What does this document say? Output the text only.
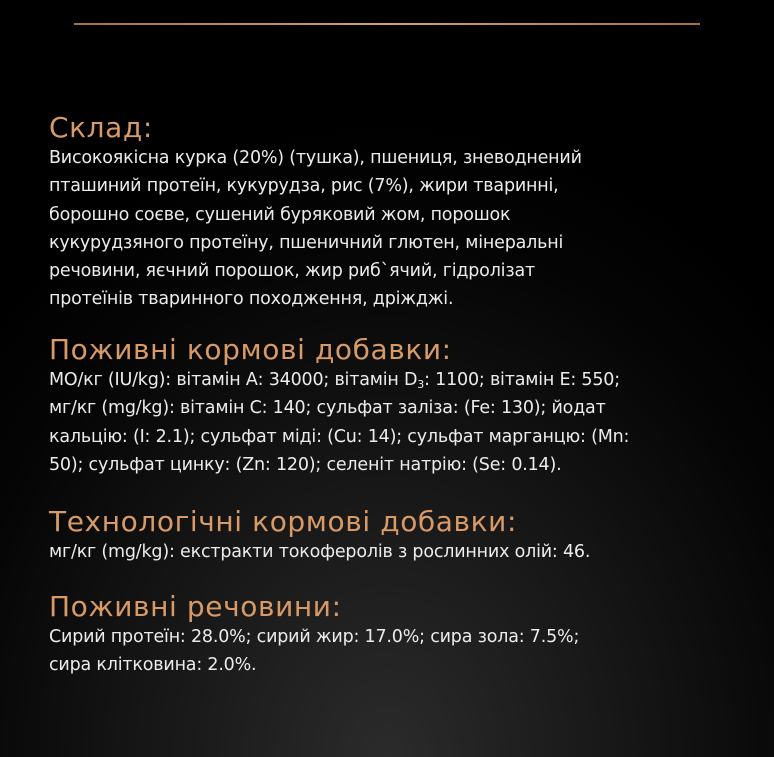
Склад:
Високоякісна курка (20%) (тушка), пшениця, зневоднений
пташиний протеїн, кукурудза, рис (7%), жири тваринні,
борошно соєве, сушений буряковий жом, порошок
кукурудзяного протеїну, пшеничний глютен, мінеральні
речовини, яєчний порошок, жир риб`ячий, гідролізат
протеїнів тваринного походження, дріжджі.
Поживні кормові добавки:
МО/кг (IU/kg): вітамін А: 34000; вітамін $D_3$: 1100; вітамін Е: 550;
мг/кг (mg/kg): вітамін С: 140; сульфат заліза: (Fe: 130); йодат
кальцію: (I: 2.1); сульфат міді: (Cu: 14); сульфат марганцю: (Mn:
50); сульфат цинку: (Zn: 120); селеніт натрію: (Se: 0.14).
Технологічні кормові добавки:
мг/кг (mg/kg): екстракти токоферолів з рослинних олій: 46.
Поживні речовини:
Сирий протеїн: 28.0%; сирий жир: 17.0%; сира зола: 7.5%;
сира клітковина: 2.0%.
